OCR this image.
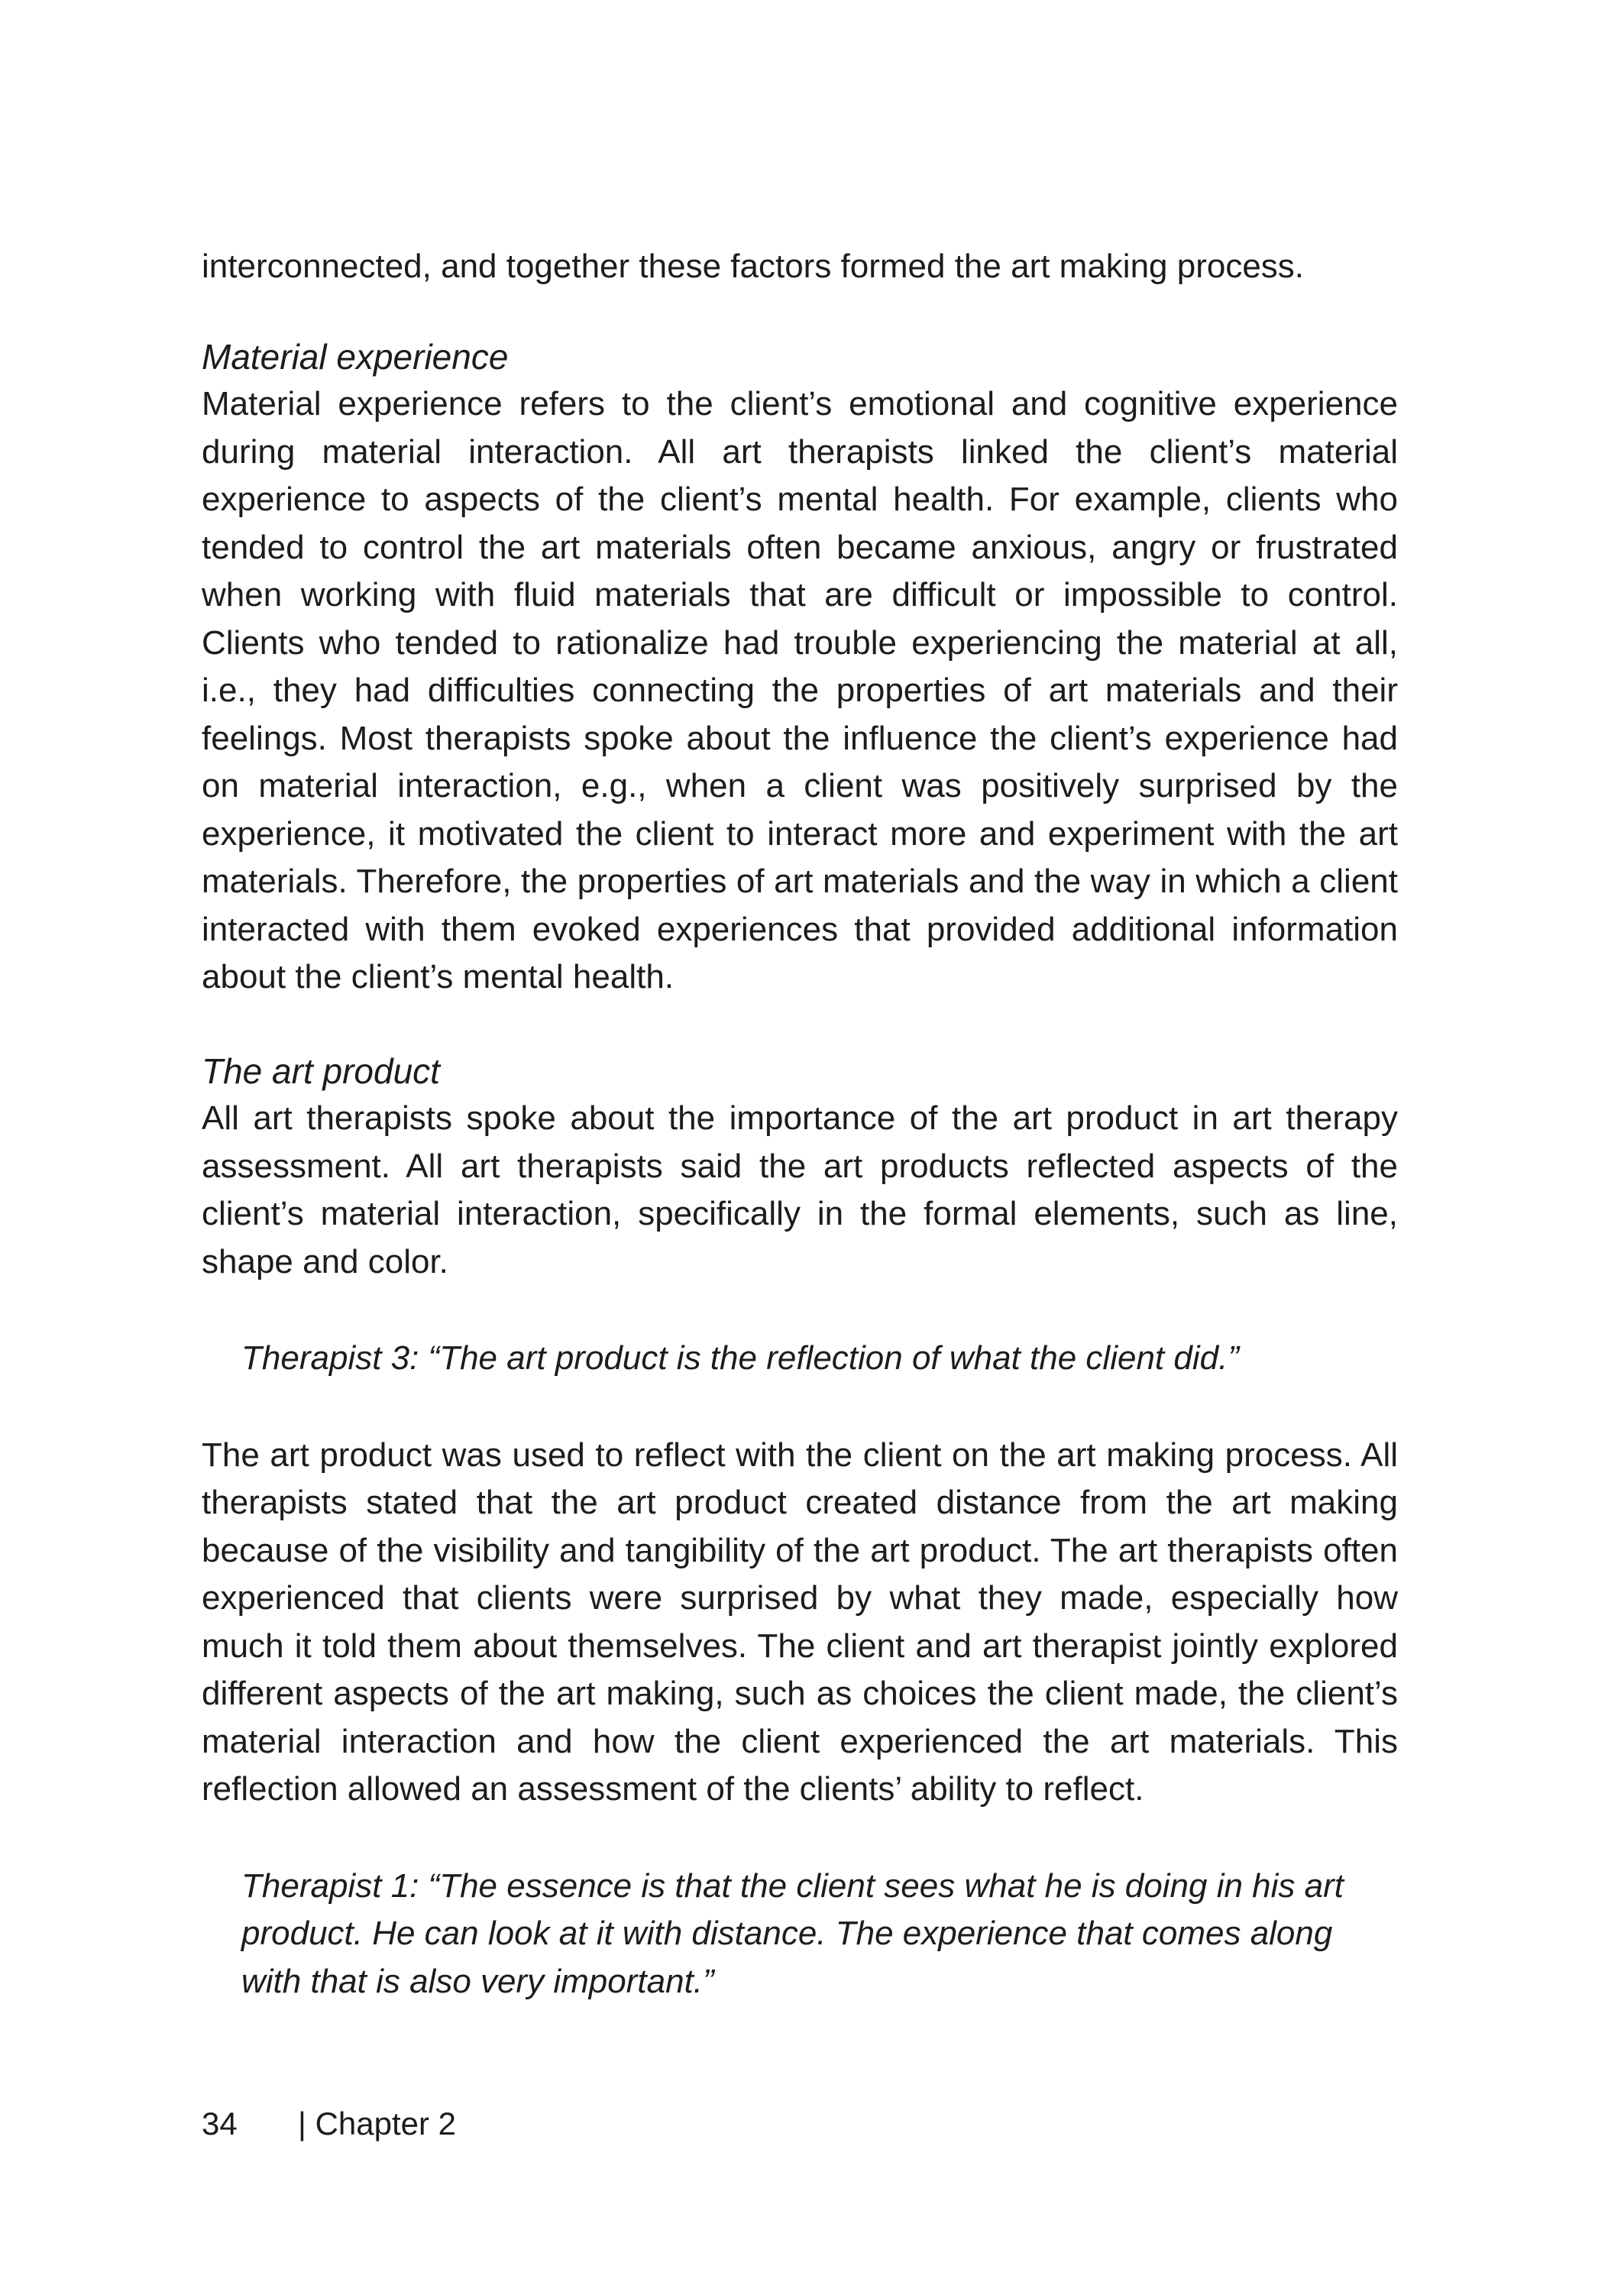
interconnected, and together these factors formed the art making process.

Material experience

Material experience refers to the client’s emotional and cognitive experience during material interaction. All art therapists linked the client’s material experience to aspects of the client’s mental health. For example, clients who tended to control the art materials often became anxious, angry or frustrated when working with fluid materials that are difficult or impossible to control. Clients who tended to rationalize had trouble experiencing the material at all, i.e., they had difficulties connecting the properties of art materials and their feelings. Most therapists spoke about the influence the client’s experience had on material interaction, e.g., when a client was positively surprised by the experience, it motivated the client to interact more and experiment with the art materials. Therefore, the properties of art materials and the way in which a client interacted with them evoked experiences that provided additional information about the client’s mental health.

The art product

All art therapists spoke about the importance of the art product in art therapy assessment. All art therapists said the art products reflected aspects of the client’s material interaction, specifically in the formal elements, such as line, shape and color.

Therapist 3: “The art product is the reflection of what the client did.”

The art product was used to reflect with the client on the art making process. All therapists stated that the art product created distance from the art making because of the visibility and tangibility of the art product. The art therapists often experienced that clients were surprised by what they made, especially how much it told them about themselves. The client and art therapist jointly explored different aspects of the art making, such as choices the client made, the client’s material interaction and how the client experienced the art materials. This reflection allowed an assessment of the clients’ ability to reflect.

Therapist 1: “The essence is that the client sees what he is doing in his art product. He can look at it with distance. The experience that comes along with that is also very important.”
34	| Chapter 2
